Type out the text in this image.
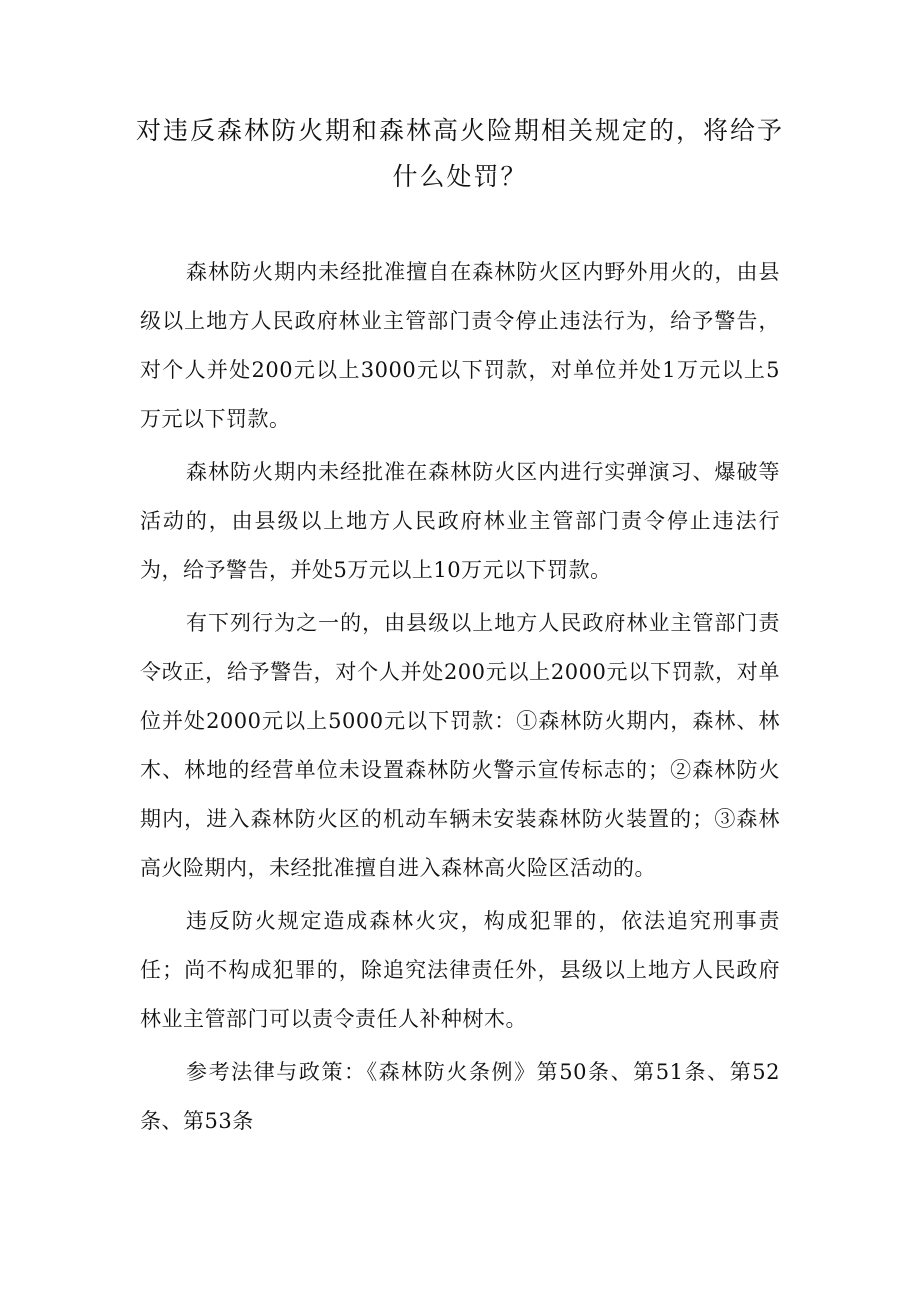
对违反森林防火期和森林高火险期相关规定的，将给予什么处罚？

森林防火期内未经批准擅自在森林防火区内野外用火的，由县级以上地方人民政府林业主管部门责令停止违法行为，给予警告，对个人并处200元以上3000元以下罚款，对单位并处1万元以上5万元以下罚款。

森林防火期内未经批准在森林防火区内进行实弹演习、爆破等活动的，由县级以上地方人民政府林业主管部门责令停止违法行为，给予警告，并处5万元以上10万元以下罚款。

有下列行为之一的，由县级以上地方人民政府林业主管部门责令改正，给予警告，对个人并处200元以上2000元以下罚款，对单位并处2000元以上5000元以下罚款：①森林防火期内，森林、林木、林地的经营单位未设置森林防火警示宣传标志的；②森林防火期内，进入森林防火区的机动车辆未安装森林防火装置的；③森林高火险期内，未经批准擅自进入森林高火险区活动的。

违反防火规定造成森林火灾，构成犯罪的，依法追究刑事责任；尚不构成犯罪的，除追究法律责任外，县级以上地方人民政府林业主管部门可以责令责任人补种树木。

参考法律与政策：《森林防火条例》第50条、第51条、第52条、第53条
